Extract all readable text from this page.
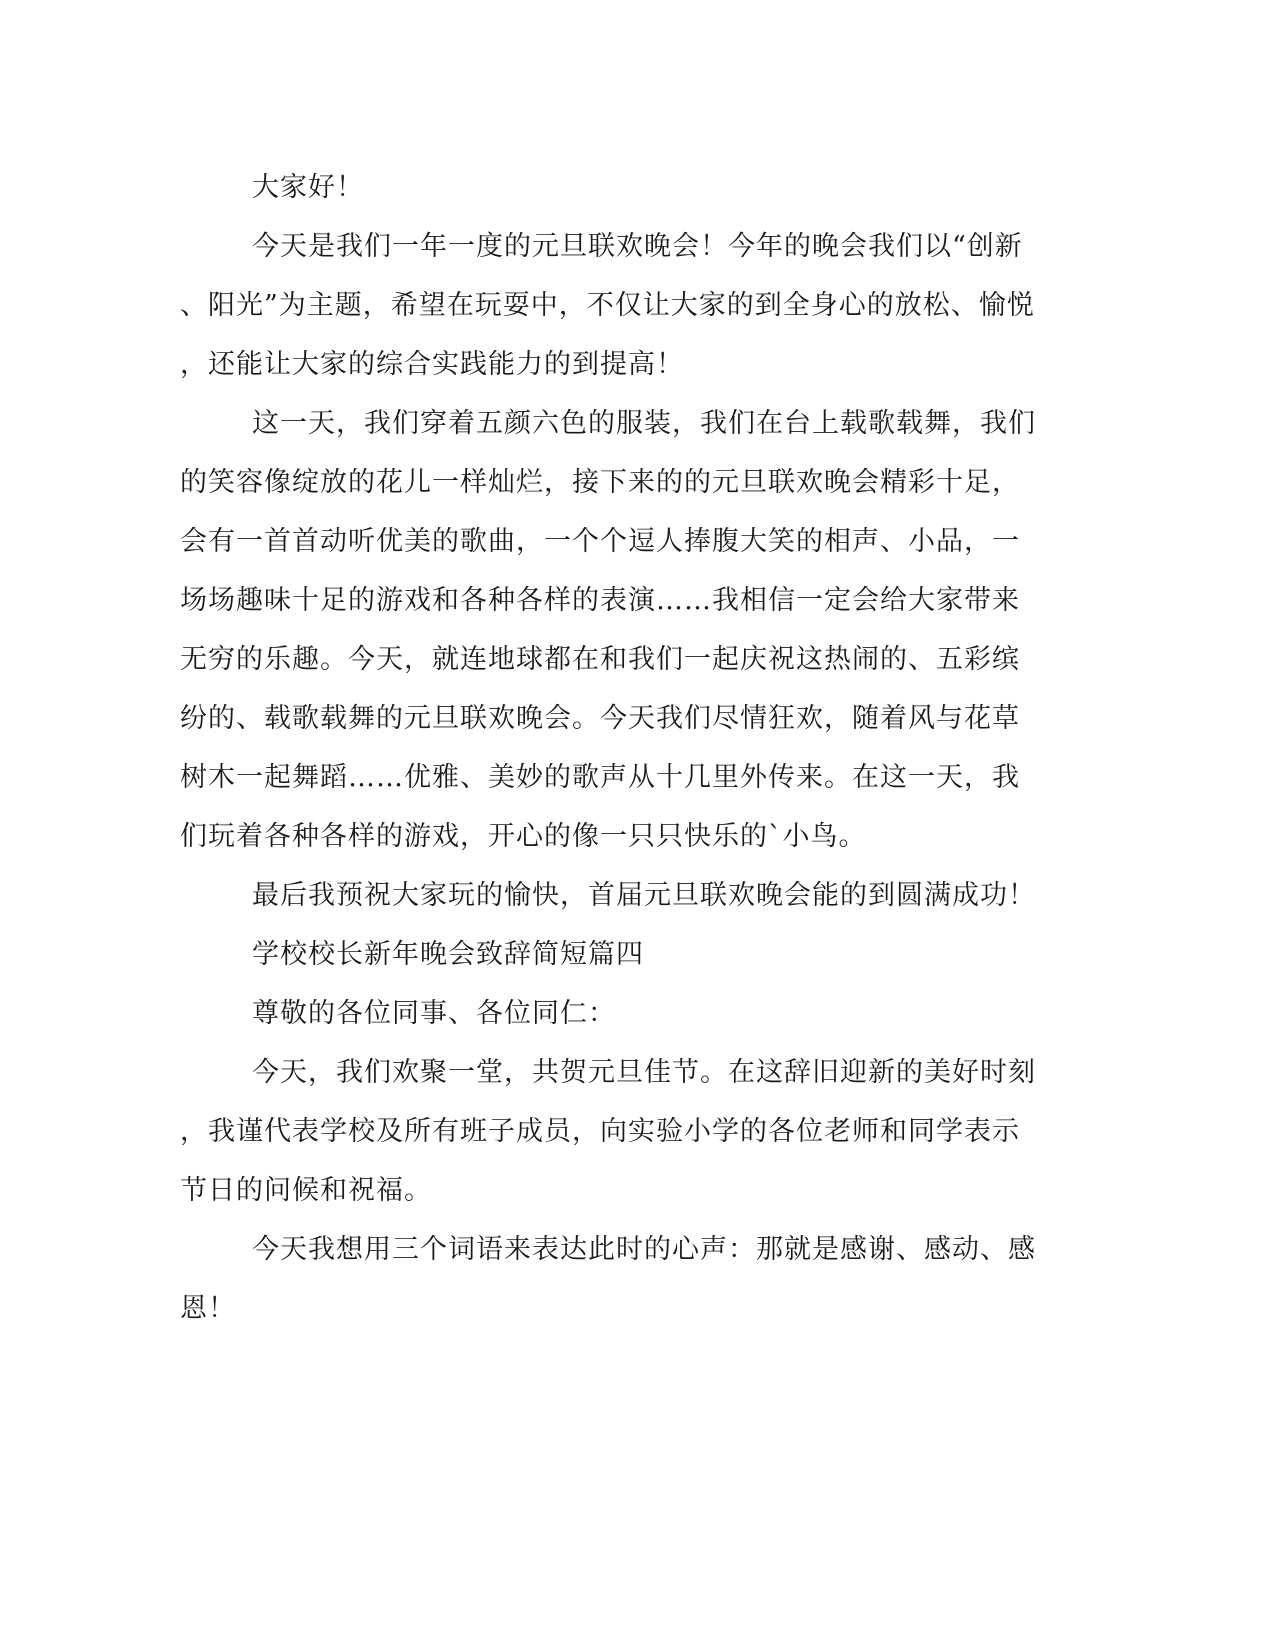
大家好！

今天是我们一年一度的元旦联欢晚会！今年的晚会我们以“创新
、阳光”为主题，希望在玩耍中，不仅让大家的到全身心的放松、愉悦
，还能让大家的综合实践能力的到提高！

这一天，我们穿着五颜六色的服装，我们在台上载歌载舞，我们
的笑容像绽放的花儿一样灿烂，接下来的的元旦联欢晚会精彩十足，
会有一首首动听优美的歌曲，一个个逗人捧腹大笑的相声、小品，一
场场趣味十足的游戏和各种各样的表演……我相信一定会给大家带来
无穷的乐趣。今天，就连地球都在和我们一起庆祝这热闹的、五彩缤
纷的、载歌载舞的元旦联欢晚会。今天我们尽情狂欢，随着风与花草
树木一起舞蹈……优雅、美妙的歌声从十几里外传来。在这一天，我
们玩着各种各样的游戏，开心的像一只只快乐的`小鸟。

最后我预祝大家玩的愉快，首届元旦联欢晚会能的到圆满成功！

学校校长新年晚会致辞简短篇四

尊敬的各位同事、各位同仁：

今天，我们欢聚一堂，共贺元旦佳节。在这辞旧迎新的美好时刻
，我谨代表学校及所有班子成员，向实验小学的各位老师和同学表示
节日的问候和祝福。

今天我想用三个词语来表达此时的心声：那就是感谢、感动、感
恩！
